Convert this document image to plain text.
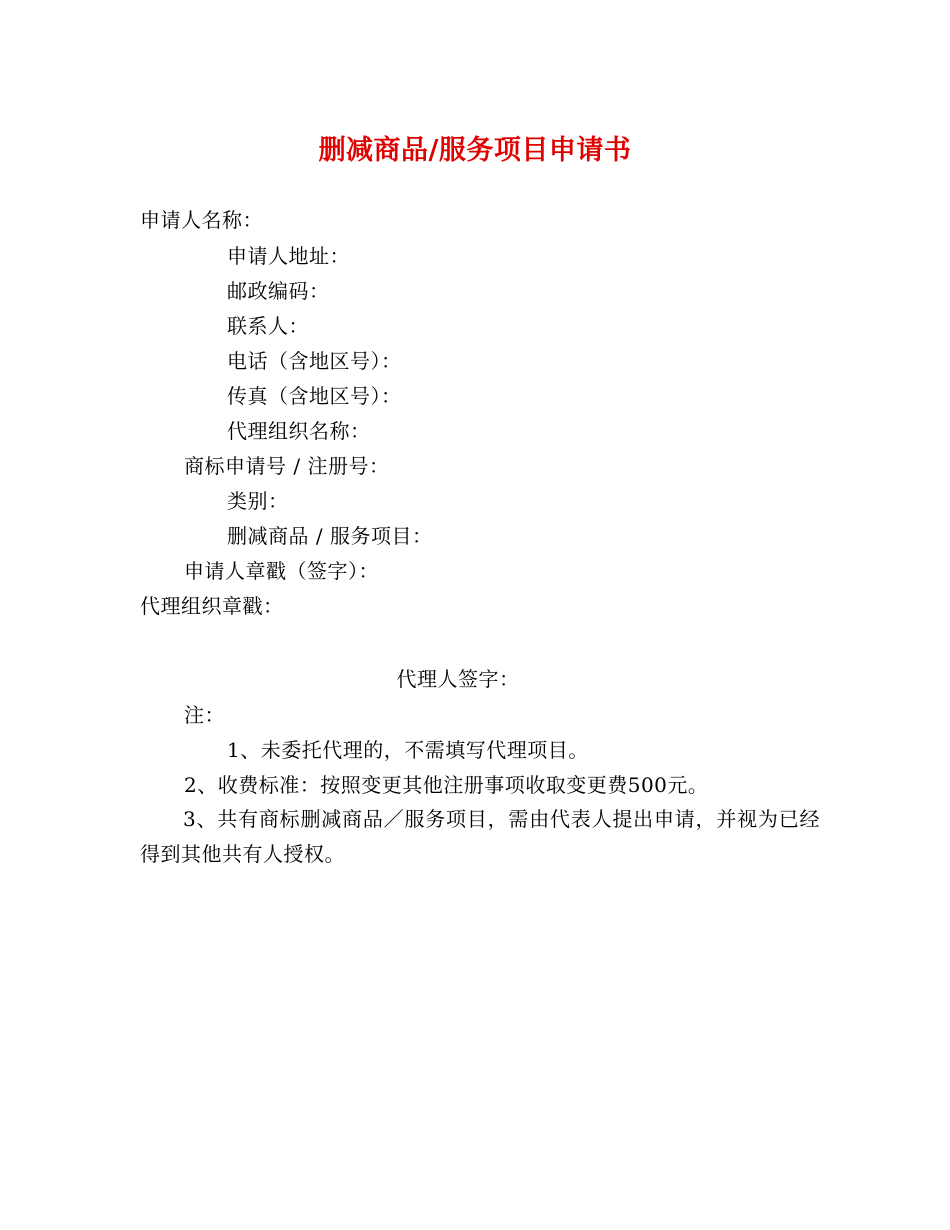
删减商品/服务项目申请书
申请人名称：
申请人地址：
邮政编码：
联系人：
电话（含地区号）：
传真（含地区号）：
代理组织名称：
商标申请号 / 注册号：
类别：
删减商品 / 服务项目：
申请人章戳（签字）：
代理组织章戳：
代理人签字：
注：
1、未委托代理的，不需填写代理项目。
2、收费标准：按照变更其他注册事项收取变更费500元。
3、共有商标删减商品／服务项目，需由代表人提出申请，并视为已经得到其他共有人授权。
